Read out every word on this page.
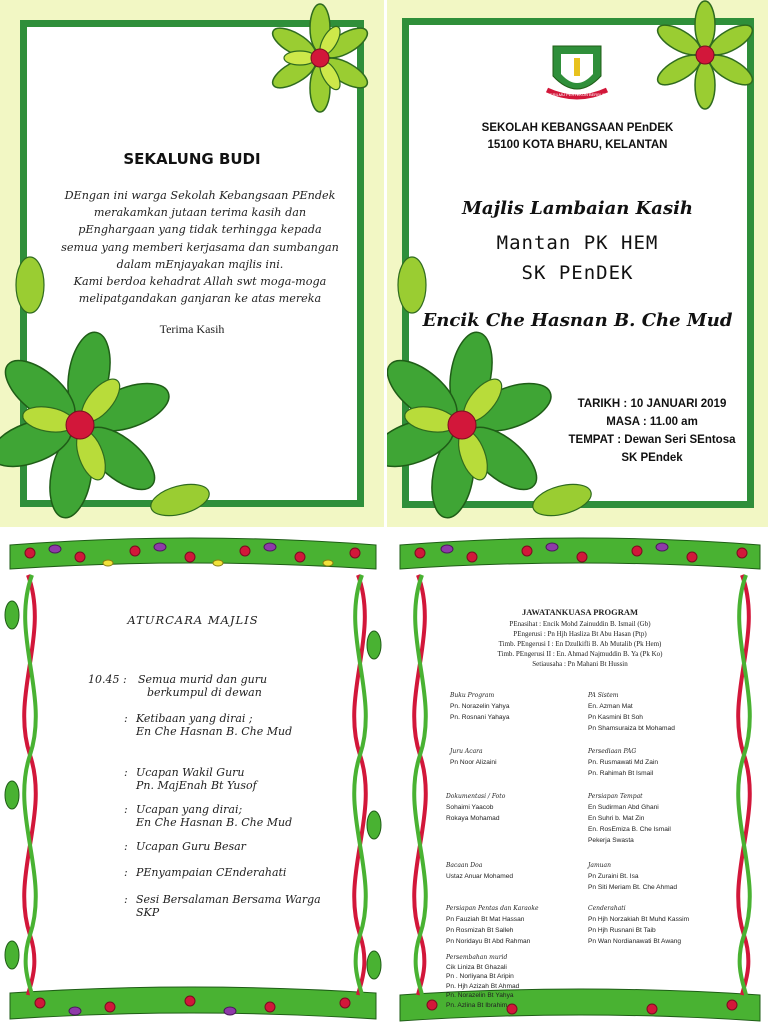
SEKALUNG BUDI
DEngan ini warga Sekolah Kebangsaan PEndek
merakamkan jutaan terima kasih dan
pEnghargaan yang tidak terhingga kepada
semua yang memberi kerjasama dan sumbangan
dalam mEnjayakan majlis ini.
Kami berdoa kehadrat Allah swt moga-moga
melipatgandakan ganjaran ke atas mereka
Terima Kasih
BERILMU PERTEKUN BERBUDI
SEKOLAH KEBANGSAAN PEnDEK
15100 KOTA BHARU, KELANTAN
Majlis Lambaian Kasih
Mantan PK HEM
SK PEnDEK
Encik Che Hasnan B. Che Mud
TARIKH : 10 JANUARI 2019
MASA : 11.00 am
TEMPAT : Dewan Seri SEntosa
SK PEndek
ATURCARA MAJLIS
10.45 : Semua murid dan guru
berkumpul di dewan
: Ketibaan yang dirai ;
En Che Hasnan B. Che Mud
: Ucapan Wakil Guru
Pn. MajEnah Bt Yusof
: Ucapan yang dirai;
En Che Hasnan B. Che Mud
: Ucapan Guru Besar
: PEnyampaian CEnderahati
: Sesi Bersalaman Bersama Warga
SKP
JAWATANKUASA PROGRAM
PEnasihat : Encik Mohd Zainuddin B. Ismail (Gb)
PEngerusi : Pn Hjh Hasliza Bt Abu Hasan (Ptp)
Timb. PEngerusi I : En Dzulkifli B. Ab Mutalib (Pk Hem)
Timb. PEngerusi II : En. Ahmad Najmuddin B. Ya (Pk Ko)
Setiausaha : Pn Mahani Bt Hussin
Buku Program
Pn. Norazelin Yahya
Pn. Rosnani Yahaya
Juru Acara
Pn Noor Alizaini
Dokumentasi / Foto
Sohaimi Yaacob
Rokaya Mohamad
Bacaan Doa
Ustaz Anuar Mohamed
Persiapan Pentas dan Karaoke
Pn Fauziah Bt Mat Hassan
Pn Rosmizah Bt Salleh
Pn Noridayu Bt Abd Rahman
Persembahan murid
Cik Liniza Bt Ghazali
Pn . Norliyana Bt Aripin
Pn. Hjh Azizah Bt Ahmad
Pn. Norazelin Bt Yahya
Pn. Azlina Bt Ibrahim
PA Sistem
En. Azman Mat
Pn Kasmini Bt Soh
Pn Shamsuraiza bt Mohamad
Persediaan PAG
Pn. Rusmawati Md Zain
Pn. Rahimah Bt Ismail
Persiapan Tempat
En Sudirman Abd Ghani
En Suhri b. Mat Zin
En. RosEmiza B. Che Ismail
Pekerja Swasta
Jamuan
Pn Zuraini Bt. Isa
Pn Siti Meriam Bt. Che Ahmad
Cenderahati
Pn Hjh Norzakiah Bt Muhd Kassim
Pn Hjh Rusnani Bt Taib
Pn Wan Nordianawati Bt Awang
